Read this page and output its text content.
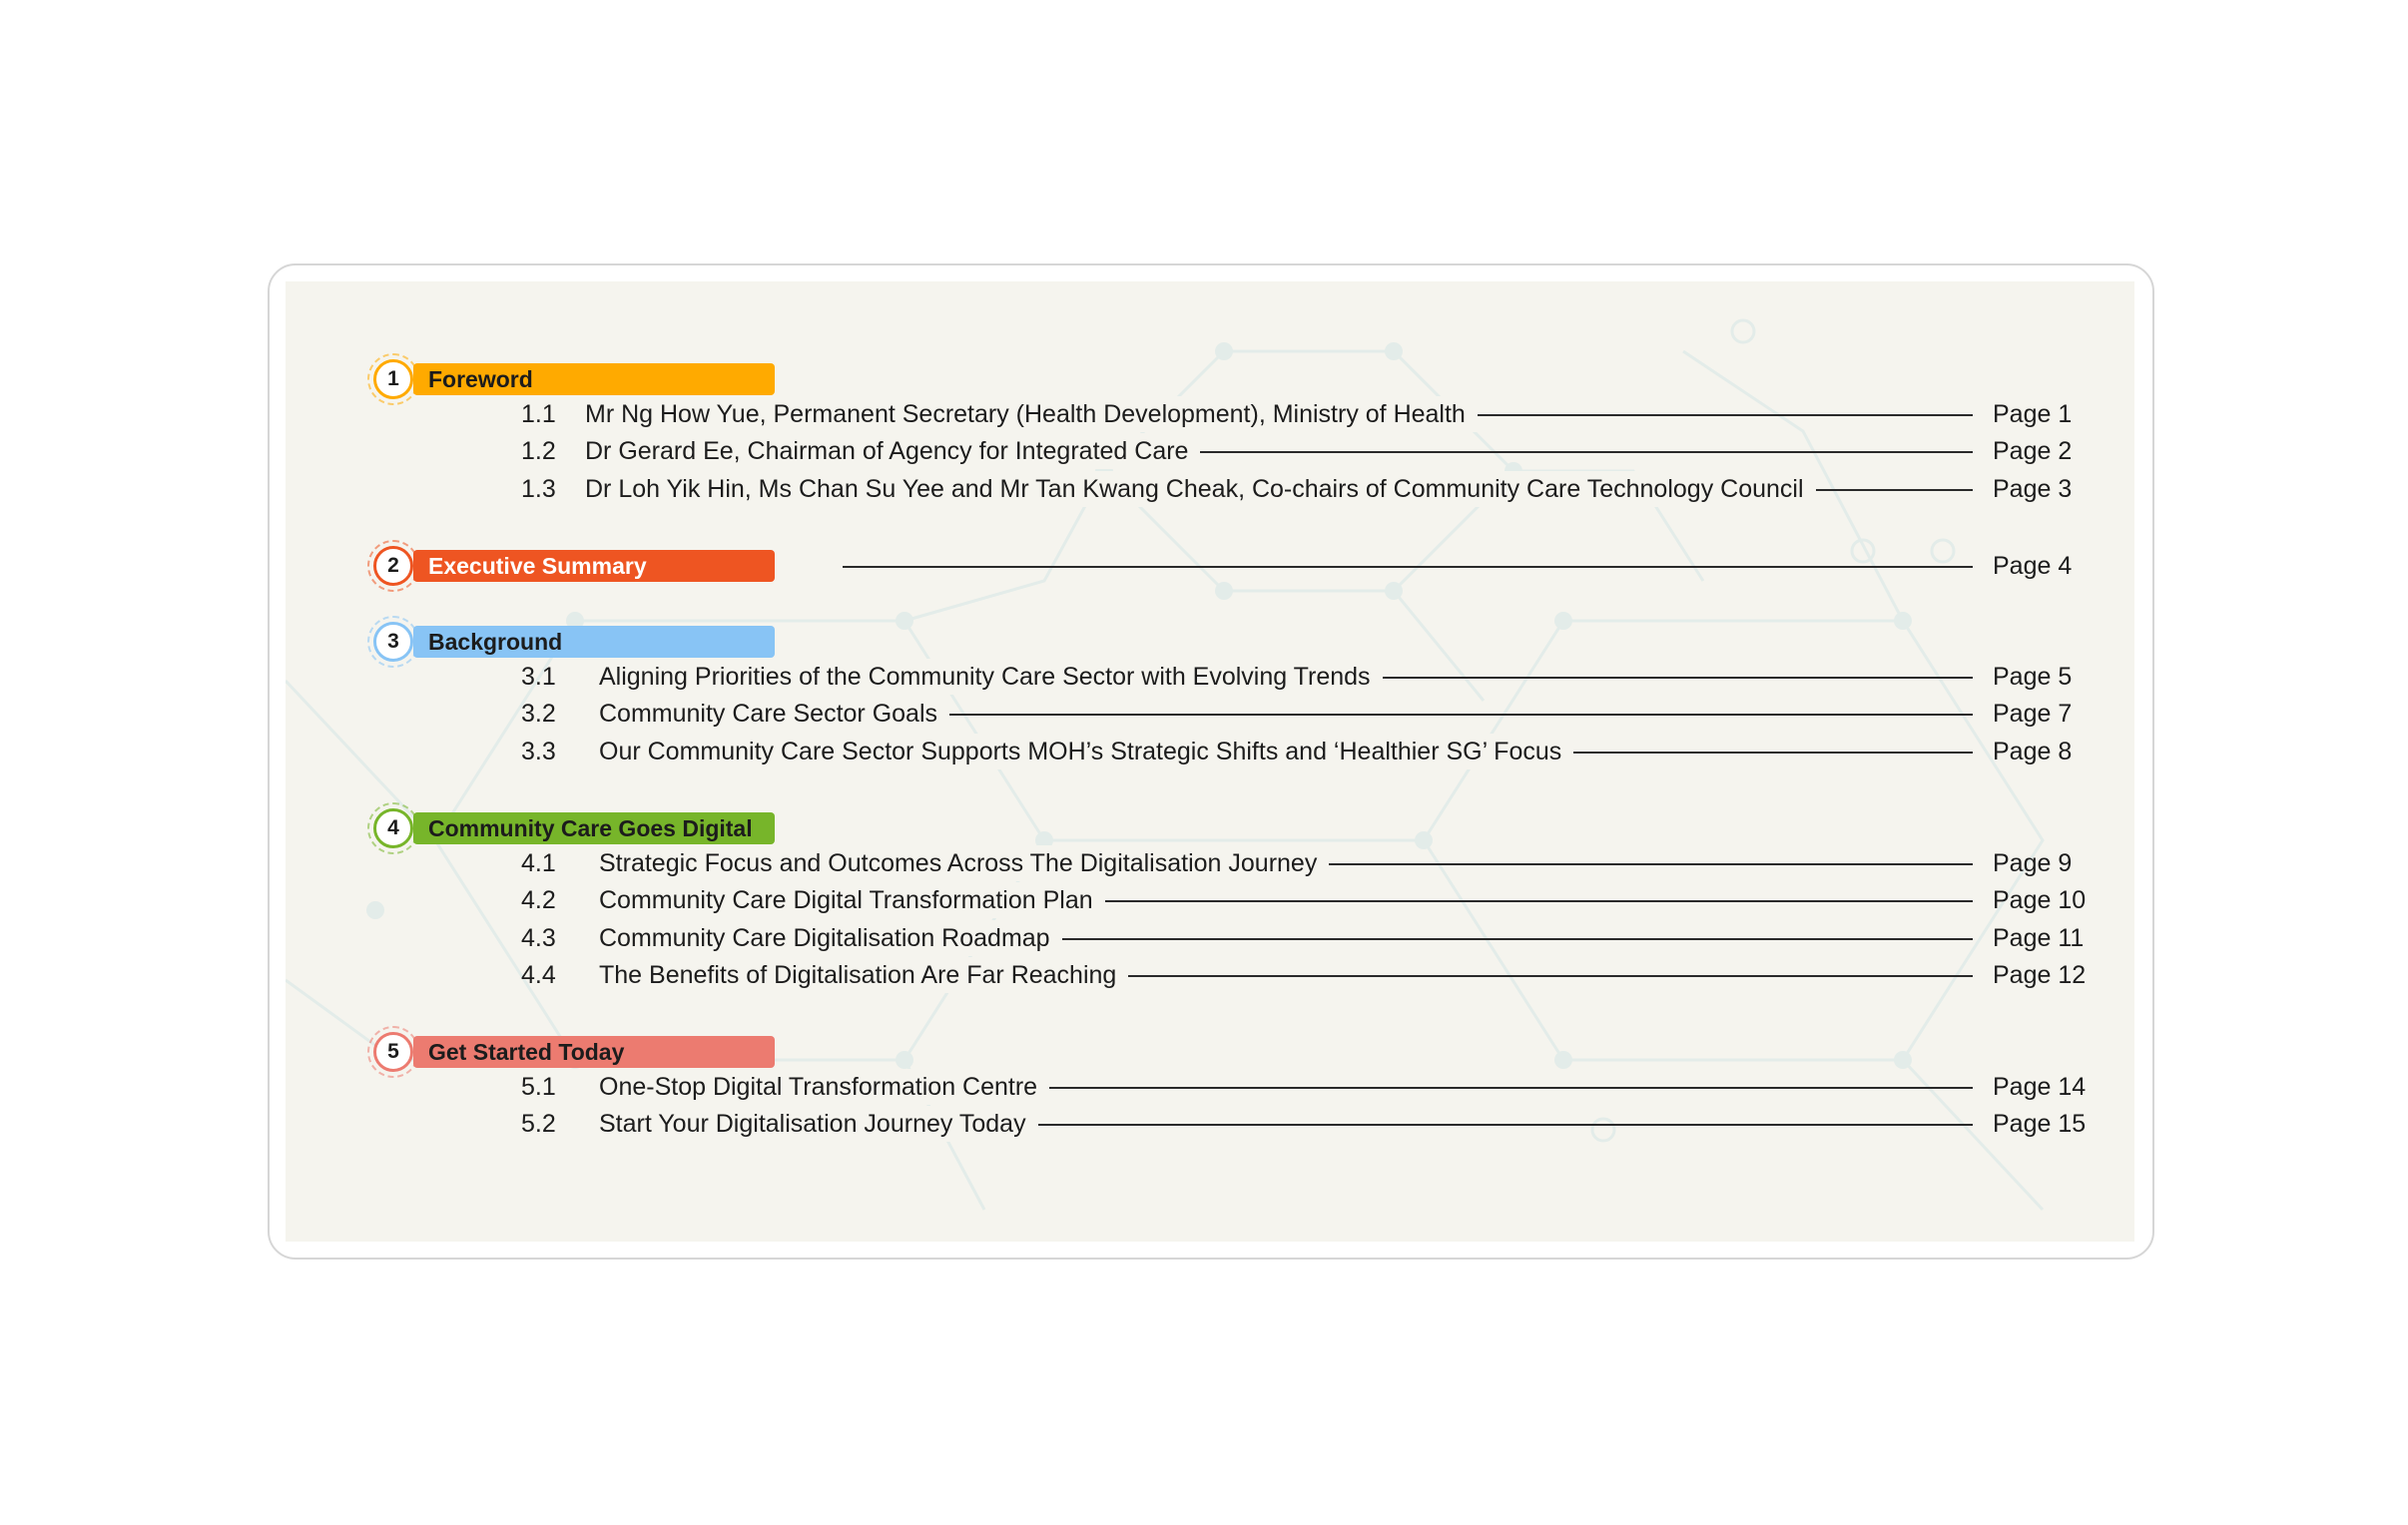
1	Foreword
1.1 Mr Ng How Yue, Permanent Secretary (Health Development), Ministry of Health	Page 1
1.2 Dr Gerard Ee, Chairman of Agency for Integrated Care	Page 2
1.3 Dr Loh Yik Hin, Ms Chan Su Yee and Mr Tan Kwang Cheak, Co-chairs of Community Care Technology Council	Page 3
2	Executive Summary	Page 4
3	Background
3.1 Aligning Priorities of the Community Care Sector with Evolving Trends	Page 5
3.2 Community Care Sector Goals	Page 7
3.3 Our Community Care Sector Supports MOH’s Strategic Shifts and ‘Healthier SG’ Focus	Page 8
4	Community Care Goes Digital
4.1 Strategic Focus and Outcomes Across The Digitalisation Journey	Page 9
4.2 Community Care Digital Transformation Plan	Page 10
4.3 Community Care Digitalisation Roadmap	Page 11
4.4 The Benefits of Digitalisation Are Far Reaching	Page 12
5	Get Started Today
5.1 One-Stop Digital Transformation Centre	Page 14
5.2 Start Your Digitalisation Journey Today	Page 15
